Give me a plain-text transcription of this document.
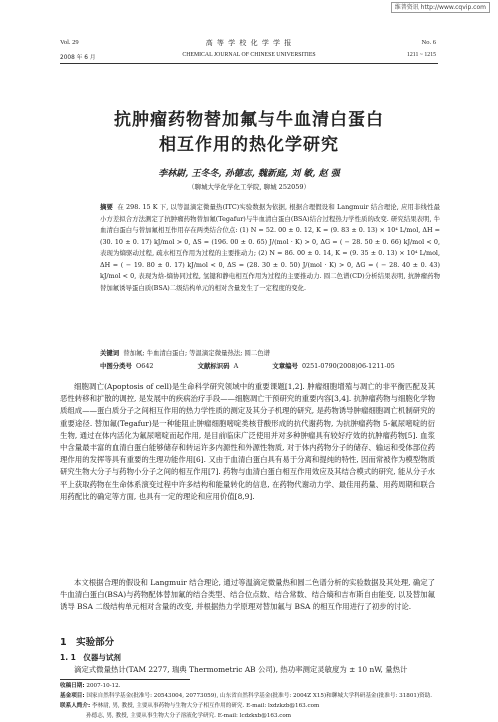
维普资讯 http://www.cqvip.com
Vol. 29	高 等 学 校 化 学 学 报	No. 6
2008 年 6 月	CHEMICAL JOURNAL OF CHINESE UNIVERSITIES	1211 ~ 1215
抗肿瘤药物替加氟与牛血清白蛋白
相互作用的热化学研究
李林尉, 王冬冬, 孙德志, 魏新庭, 刘 敏, 赵 强
（聊城大学化学化工学院, 聊城 252059）
摘要 在 298. 15 K 下, 以等温滴定微量热(ITC)实验数据为依据, 根据合理假设和 Langmuir 结合理论, 应用非线性最小方差拟合方法测定了抗肿瘤药物替加氟(Tegafur)与牛血清白蛋白(BSA)结合过程热力学性质的改变. 研究结果表明, 牛血清白蛋白与替加氟相互作用存在两类结合位点: (1) N = 52. 00 ± 0. 12, K = (9. 83 ± 0. 13) × 10⁴ L/mol, ΔH = (30. 10 ± 0. 17) kJ/mol > 0, ΔS = (196. 00 ± 0. 65) J/(mol · K) > 0, ΔG = ( − 28. 50 ± 0. 66) kJ/mol < 0, 表现为熵驱动过程, 疏水相互作用为过程的主要推动力; (2) N = 86. 00 ± 0. 14, K = (9. 35 ± 0. 13) × 10⁴ L/mol, ΔH = ( − 19. 80 ± 0. 17) kJ/mol < 0, ΔS = (28. 30 ± 0. 50) J/(mol · K) > 0, ΔG = ( − 28. 40 ± 0. 43) kJ/mol < 0, 表现为焓-熵协同过程, 氢键和静电相互作用为过程的主要推动力. 圆二色谱(CD)分析结果表明, 抗肿瘤药物替加氟诱导蛋白质(BSA)二级结构单元的相对含量发生了一定程度的变化.
关键词 替加氟; 牛血清白蛋白; 等温滴定微量热法; 圆二色谱
中图分类号 O642	文献标识码 A	文章编号 0251-0790(2008)06-1211-05
细胞凋亡(Apoptosis of cell)是生命科学研究领域中的重要课题[1,2]. 肿瘤细胞增殖与凋亡的非平衡匹配及其恶性转移和扩散的调控, 是发展中的疾病治疗手段——细胞凋亡干预研究的重要内容[3,4]. 抗肿瘤药物与细胞化学物质组成——蛋白质分子之间相互作用的热力学性质的测定及其分子机理的研究, 是药物诱导肿瘤细胞凋亡机制研究的重要途径. 替加氟(Tegafur)是一种能阻止肿瘤细胞嘧啶类核苷酸形成的抗代谢药物, 为抗肿瘤药物 5-氟尿嘧啶的衍生物, 通过在体内活化为氟尿嘧啶而起作用, 是目前临床广泛使用并对多种肿瘤具有较好疗效的抗肿瘤药物[5]. 血浆中含量最丰富的血清白蛋白能够储存和转运许多内源性和外源性物质, 对于体内药物分子的储存、输运和受体部位药理作用的发挥等具有重要的生理功能作用[6]. 又由于血清白蛋白具有易于分离和提纯的特性, 因而常被作为模型物质研究生物大分子与药物小分子之间的相互作用[7]. 药物与血清白蛋白相互作用效应及其结合模式的研究, 能从分子水平上获取药物在生命体系演变过程中许多结构和能量转化的信息, 在药物代谢动力学、最佳用药量、用药周期和联合用药配比的确定等方面, 也具有一定的理论和应用价值[8,9].
本文根据合理的假设和 Langmuir 结合理论, 通过等温滴定微量热和圆二色谱分析的实验数据及其处理, 确定了牛血清白蛋白(BSA)与药物配体替加氟的结合类型、结合位点数、结合常数、结合熵和吉布斯自由能变, 以及替加氟诱导 BSA 二级结构单元相对含量的改变, 并根据热力学原理对替加氟与 BSA 的相互作用进行了初步的讨论.
1　实验部分
1. 1　仪器与试剂
滴定式微量热计(TAM 2277, 瑞典 Thermometric AB 公司), 热功率测定灵敏度为 ± 10 nW, 量热计
收稿日期: 2007-10-12.
基金项目: 国家自然科学基金(批准号: 20543004, 20773059), 山东省自然科学基金(批准号: 2004Z X15)和聊城大学科研基金(批准号: 31801)资助.
联系人简介: 李林尉, 男, 教授, 主要从事药物与生物大分子相互作用的研究. E-mail: lxdzkzb@163.com
孙德志, 男, 教授, 主要从事生物大分子溶液化学研究. E-mail: lcdzkxb@163.com
